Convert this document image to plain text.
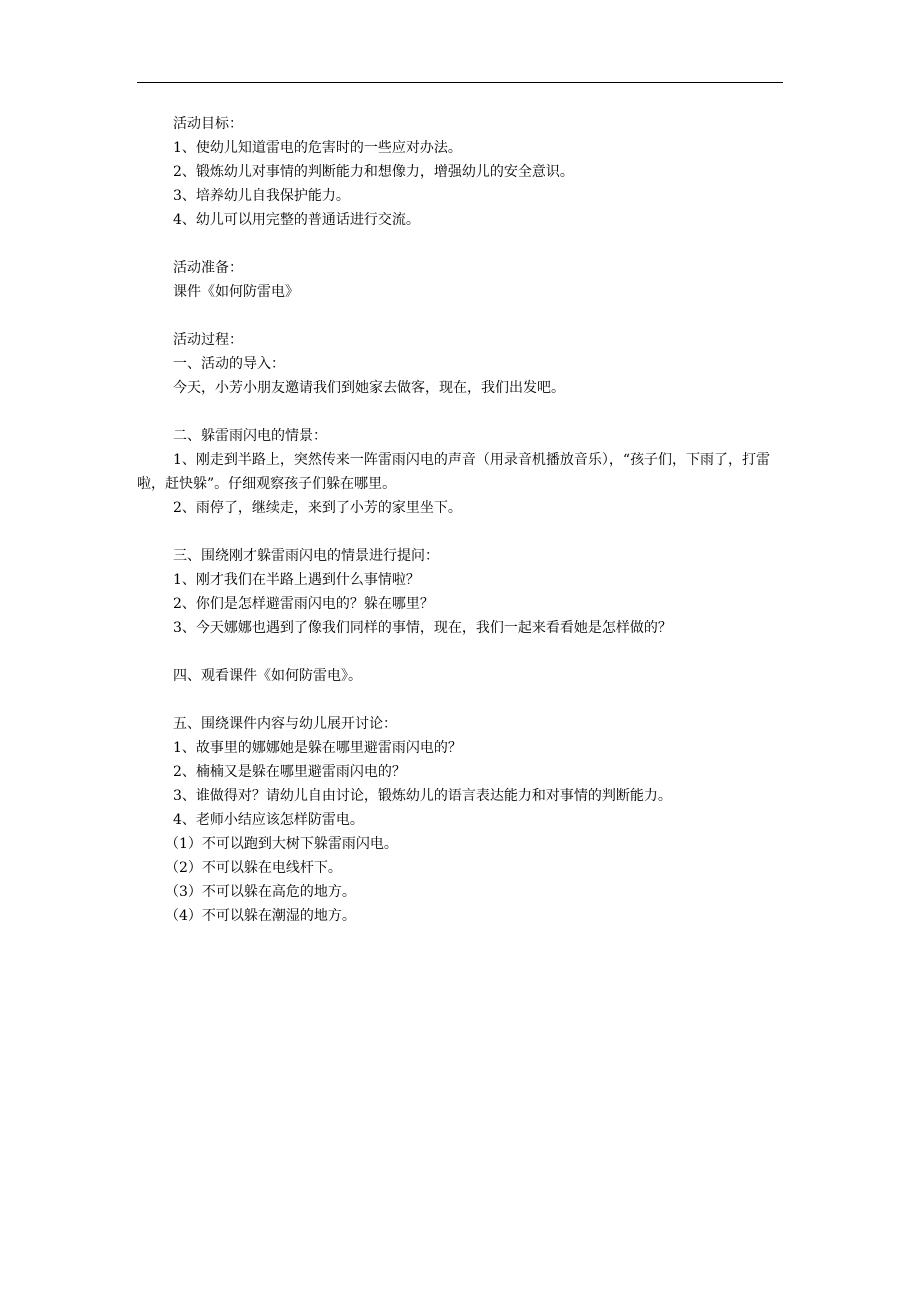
活动目标：
1、使幼儿知道雷电的危害时的一些应对办法。
2、锻炼幼儿对事情的判断能力和想像力，增强幼儿的安全意识。
3、培养幼儿自我保护能力。
4、幼儿可以用完整的普通话进行交流。
活动准备：
课件《如何防雷电》
活动过程：
一、活动的导入：
今天，小芳小朋友邀请我们到她家去做客，现在，我们出发吧。
二、躲雷雨闪电的情景：
1、刚走到半路上，突然传来一阵雷雨闪电的声音（用录音机播放音乐），“孩子们，下雨了，打雷啦，赶快躲”。仔细观察孩子们躲在哪里。
2、雨停了，继续走，来到了小芳的家里坐下。
三、围绕刚才躲雷雨闪电的情景进行提问：
1、刚才我们在半路上遇到什么事情啦？
2、你们是怎样避雷雨闪电的？躲在哪里？
3、今天娜娜也遇到了像我们同样的事情，现在，我们一起来看看她是怎样做的？
四、观看课件《如何防雷电》。
五、围绕课件内容与幼儿展开讨论：
1、故事里的娜娜她是躲在哪里避雷雨闪电的？
2、楠楠又是躲在哪里避雷雨闪电的？
3、谁做得对？请幼儿自由讨论，锻炼幼儿的语言表达能力和对事情的判断能力。
4、老师小结应该怎样防雷电。
（1）不可以跑到大树下躲雷雨闪电。
（2）不可以躲在电线杆下。
（3）不可以躲在高危的地方。
（4）不可以躲在潮湿的地方。
